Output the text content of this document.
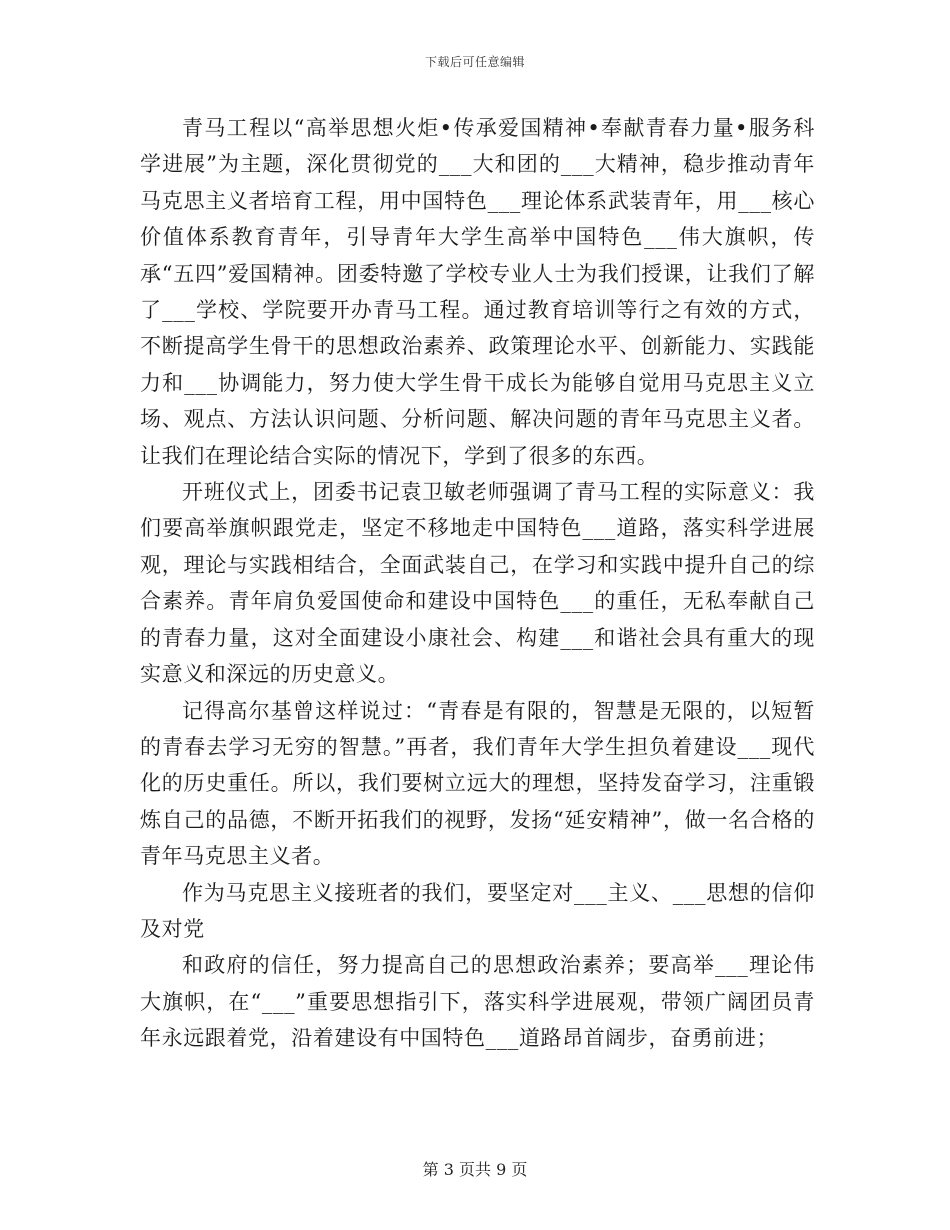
下载后可任意编辑

青马工程以“高举思想火炬•传承爱国精神•奉献青春力量•服务科学进展”为主题，深化贯彻党的___大和团的___大精神，稳步推动青年马克思主义者培育工程，用中国特色___理论体系武装青年，用___核心价值体系教育青年，引导青年大学生高举中国特色___伟大旗帜，传承“五四”爱国精神。团委特邀了学校专业人士为我们授课，让我们了解了___学校、学院要开办青马工程。通过教育培训等行之有效的方式，不断提高学生骨干的思想政治素养、政策理论水平、创新能力、实践能力和___协调能力，努力使大学生骨干成长为能够自觉用马克思主义立场、观点、方法认识问题、分析问题、解决问题的青年马克思主义者。让我们在理论结合实际的情况下，学到了很多的东西。

开班仪式上，团委书记袁卫敏老师强调了青马工程的实际意义：我们要高举旗帜跟党走，坚定不移地走中国特色___道路，落实科学进展观，理论与实践相结合，全面武装自己，在学习和实践中提升自己的综合素养。青年肩负爱国使命和建设中国特色___的重任，无私奉献自己的青春力量，这对全面建设小康社会、构建___和谐社会具有重大的现实意义和深远的历史意义。

记得高尔基曾这样说过：“青春是有限的，智慧是无限的，以短暂的青春去学习无穷的智慧。”再者，我们青年大学生担负着建设___现代化的历史重任。所以，我们要树立远大的理想，坚持发奋学习，注重锻炼自己的品德，不断开拓我们的视野，发扬“延安精神”，做一名合格的青年马克思主义者。

作为马克思主义接班者的我们，要坚定对___主义、___思想的信仰及对党

和政府的信任，努力提高自己的思想政治素养；要高举___理论伟大旗帜，在“___”重要思想指引下，落实科学进展观，带领广阔团员青年永远跟着党，沿着建设有中国特色___道路昂首阔步，奋勇前进；

第 3 页共 9 页
